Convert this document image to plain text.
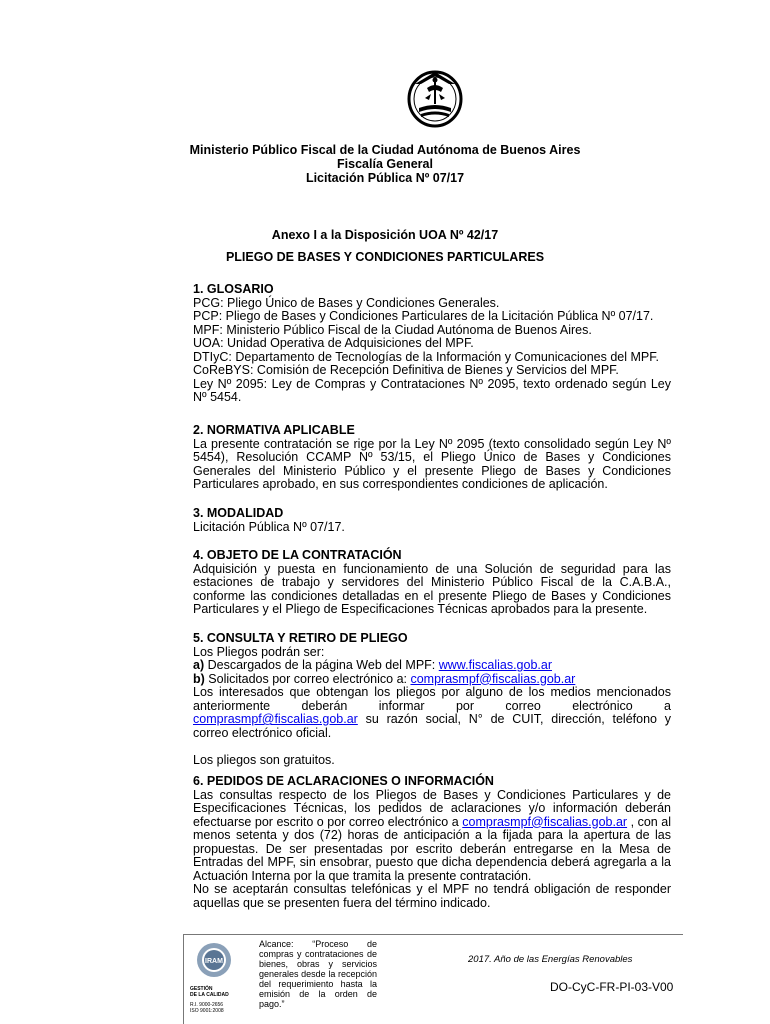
Ministerio Público Fiscal de la Ciudad Autónoma de Buenos Aires
Fiscalía General
Licitación Pública Nº 07/17
Anexo I a la Disposición UOA Nº 42/17
PLIEGO DE BASES Y CONDICIONES PARTICULARES

1. GLOSARIO

PCG: Pliego Único de Bases y Condiciones Generales.

PCP: Pliego de Bases y Condiciones Particulares de la Licitación Pública Nº 07/17.

MPF: Ministerio Público Fiscal de la Ciudad Autónoma de Buenos Aires.

UOA: Unidad Operativa de Adquisiciones del MPF.

DTIyC: Departamento de Tecnologías de la Información y Comunicaciones del MPF.

CoReBYS: Comisión de Recepción Definitiva de Bienes y Servicios del MPF.

Ley Nº 2095: Ley de Compras y Contrataciones Nº 2095, texto ordenado según Ley Nº 5454.

2. NORMATIVA APLICABLE

La presente contratación se rige por la Ley Nº 2095 (texto consolidado según Ley Nº 5454), Resolución CCAMP Nº 53/15, el Pliego Único de Bases y Condiciones Generales del Ministerio Público y el presente Pliego de Bases y Condiciones Particulares aprobado, en sus correspondientes condiciones de aplicación.

3. MODALIDAD

Licitación Pública Nº 07/17.

4. OBJETO DE LA CONTRATACIÓN

Adquisición y puesta en funcionamiento de una Solución de seguridad para las estaciones de trabajo y servidores del Ministerio Público Fiscal de la C.A.B.A., conforme las condiciones detalladas en el presente Pliego de Bases y Condiciones Particulares y el Pliego de Especificaciones Técnicas aprobados para la presente.

5. CONSULTA Y RETIRO DE PLIEGO

Los Pliegos podrán ser:

a) Descargados de la página Web del MPF: www.fiscalias.gob.ar

b) Solicitados por correo electrónico a: comprasmpf@fiscalias.gob.ar

Los interesados que obtengan los pliegos por alguno de los medios mencionados anteriormente deberán informar por correo electrónico a comprasmpf@fiscalias.gob.ar su razón social, N° de CUIT, dirección, teléfono y correo electrónico oficial.

Los pliegos son gratuitos.

6. PEDIDOS DE ACLARACIONES O INFORMACIÓN

Las consultas respecto de los Pliegos de Bases y Condiciones Particulares y de Especificaciones Técnicas, los pedidos de aclaraciones y/o información deberán efectuarse por escrito o por correo electrónico a comprasmpf@fiscalias.gob.ar , con al menos setenta y dos (72) horas de anticipación a la fijada para la apertura de las propuestas. De ser presentadas por escrito deberán entregarse en la Mesa de Entradas del MPF, sin ensobrar, puesto que dicha dependencia deberá agregarla a la Actuación Interna por la que tramita la presente contratación.

No se aceptarán consultas telefónicas y el MPF no tendrá obligación de responder aquellas que se presenten fuera del término indicado.

IRAM
GESTIÓN
DE LA CALIDAD
R.I. 9000-2656
ISO 9001:2008
Alcance: “Proceso de compras y contrataciones de bienes, obras y servicios generales desde la recepción del requerimiento hasta la emisión de la orden de pago.”
2017. Año de las Energías Renovables
DO-CyC-FR-PI-03-V00
